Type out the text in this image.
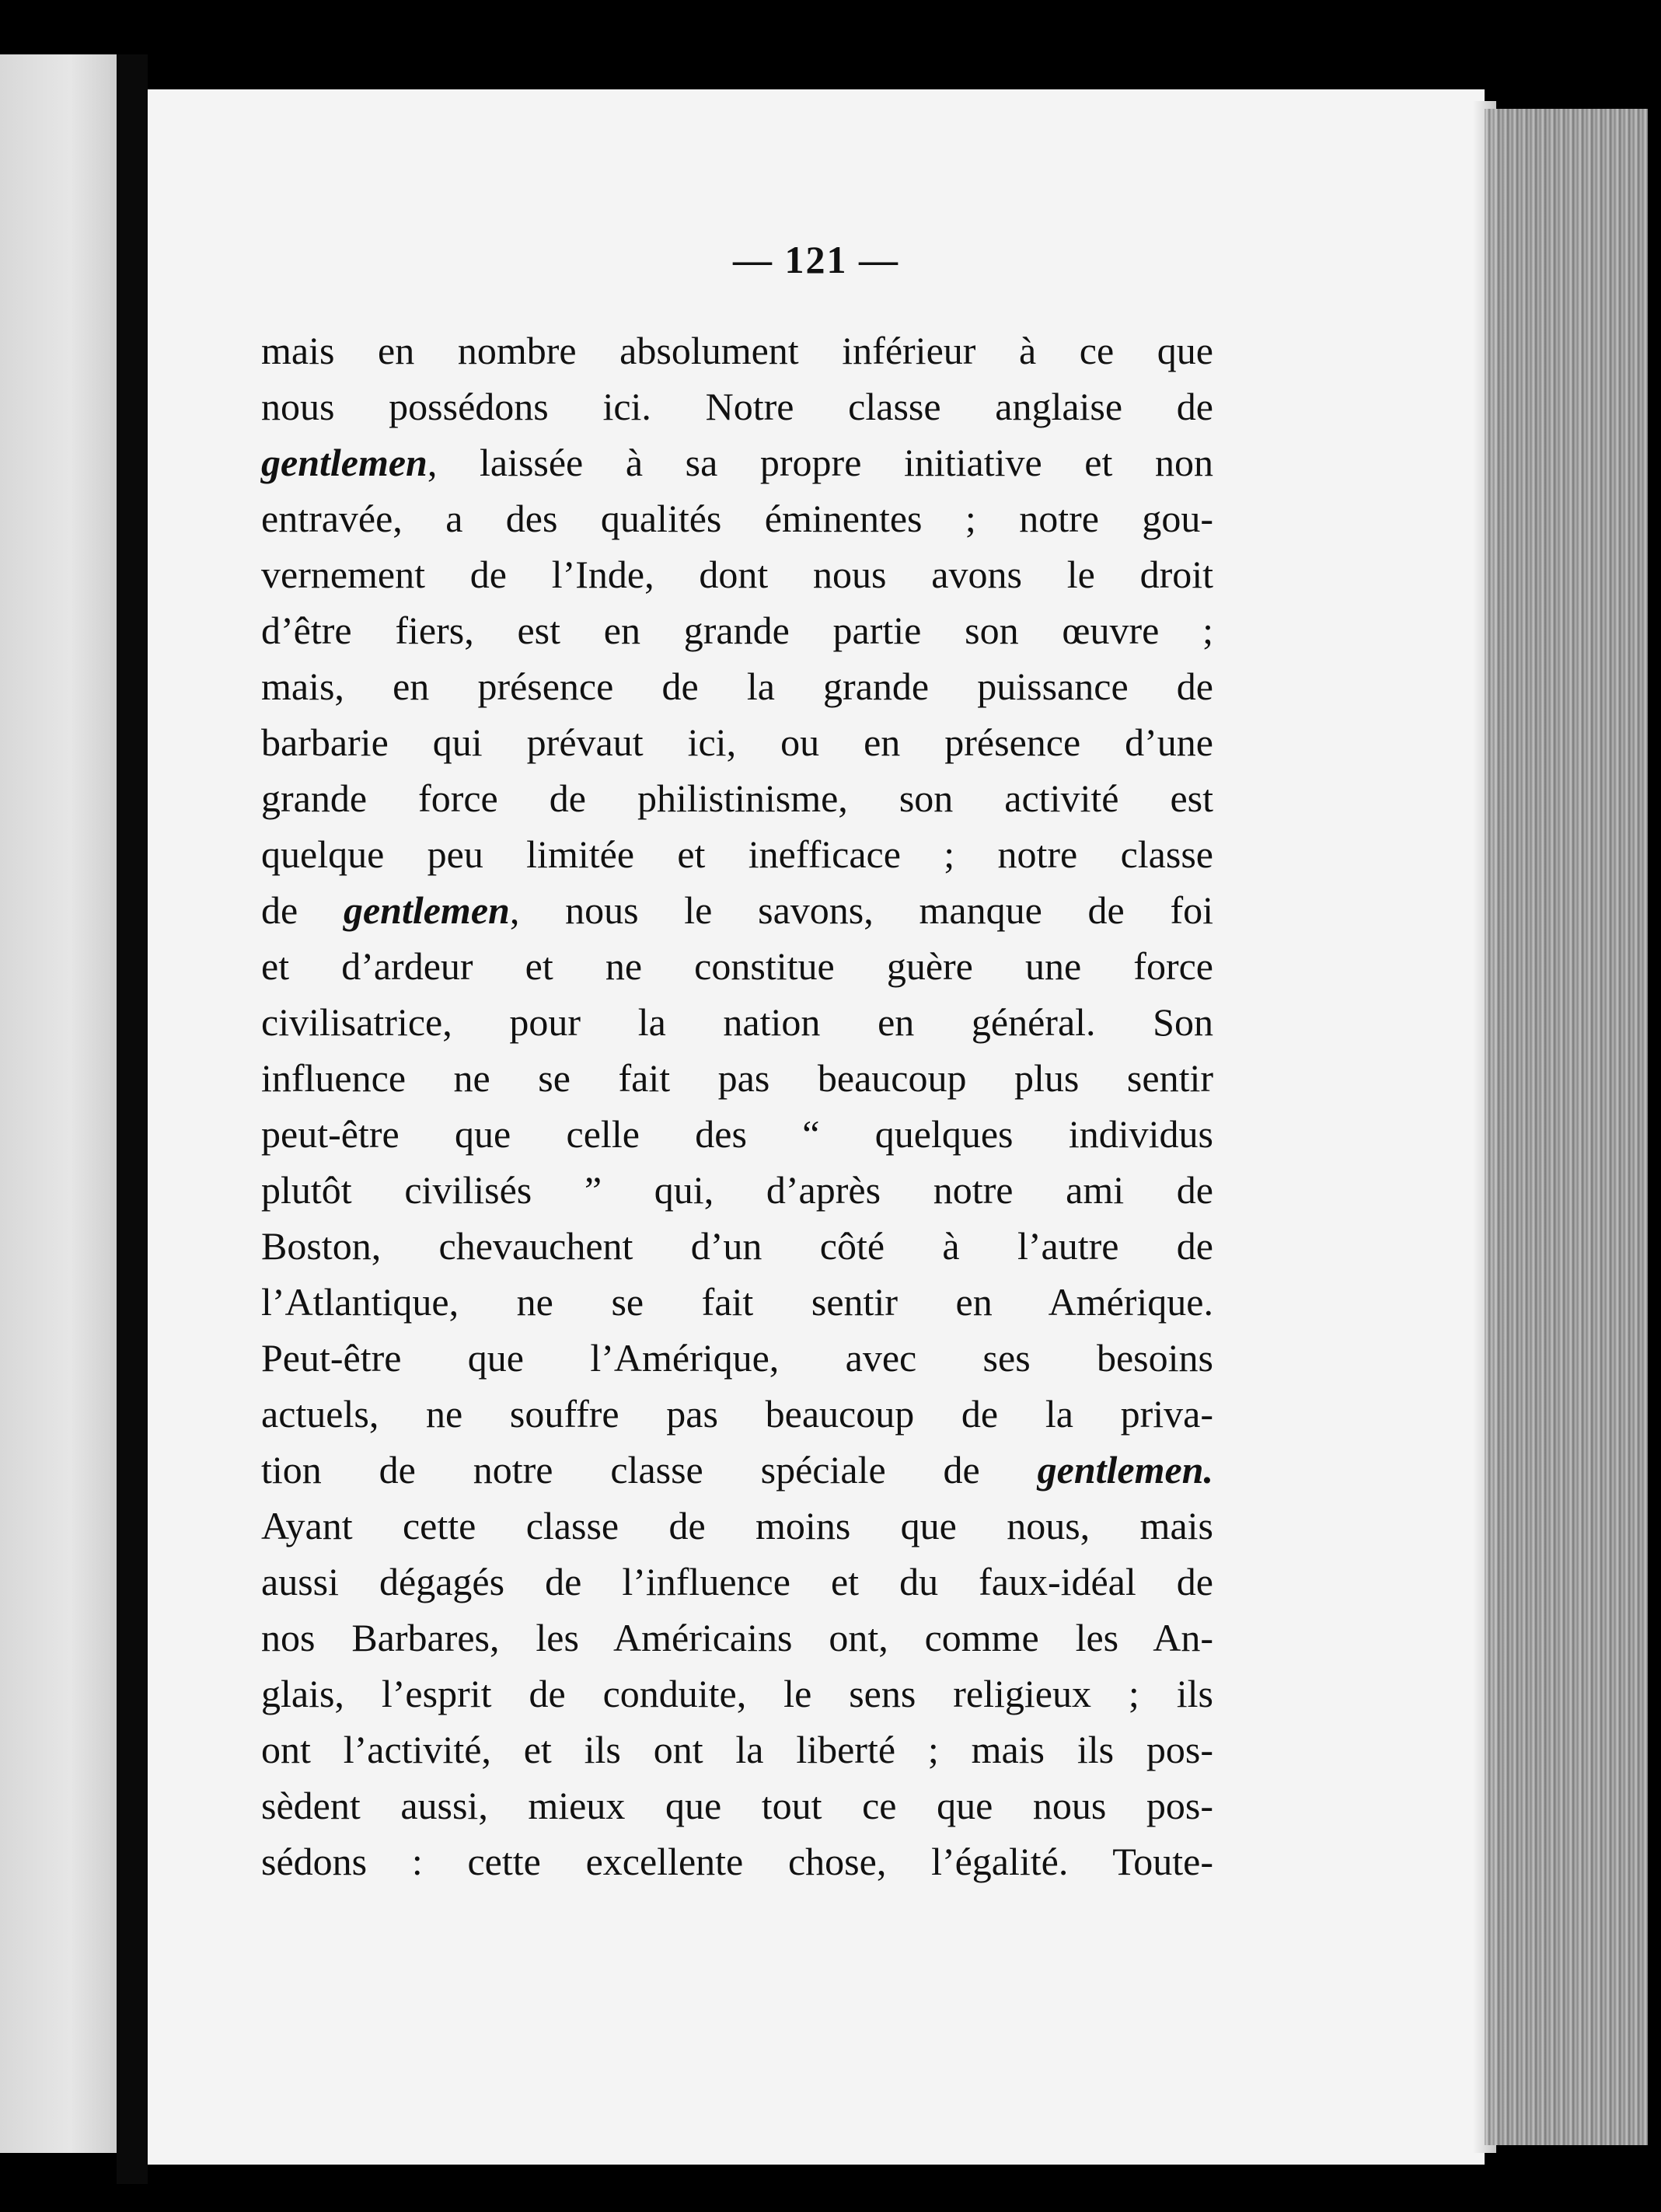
— 121 —
mais en nombre absolument inférieur à ce que
nous possédons ici. Notre classe anglaise de
gentlemen, laissée à sa propre initiative et non
entravée, a des qualités éminentes ; notre gou-
vernement de l’Inde, dont nous avons le droit
d’être fiers, est en grande partie son œuvre ;
mais, en présence de la grande puissance de
barbarie qui prévaut ici, ou en présence d’une
grande force de philistinisme, son activité est
quelque peu limitée et inefficace ; notre classe
de gentlemen, nous le savons, manque de foi
et d’ardeur et ne constitue guère une force
civilisatrice, pour la nation en général. Son
influence ne se fait pas beaucoup plus sentir
peut-être que celle des “ quelques individus
plutôt civilisés ” qui, d’après notre ami de
Boston, chevauchent d’un côté à l’autre de
l’Atlantique, ne se fait sentir en Amérique.
Peut-être que l’Amérique, avec ses besoins
actuels, ne souffre pas beaucoup de la priva-
tion de notre classe spéciale de gentlemen.
Ayant cette classe de moins que nous, mais
aussi dégagés de l’influence et du faux-idéal de
nos Barbares, les Américains ont, comme les An-
glais, l’esprit de conduite, le sens religieux ; ils
ont l’activité, et ils ont la liberté ; mais ils pos-
sèdent aussi, mieux que tout ce que nous pos-
sédons : cette excellente chose, l’égalité. Toute-
